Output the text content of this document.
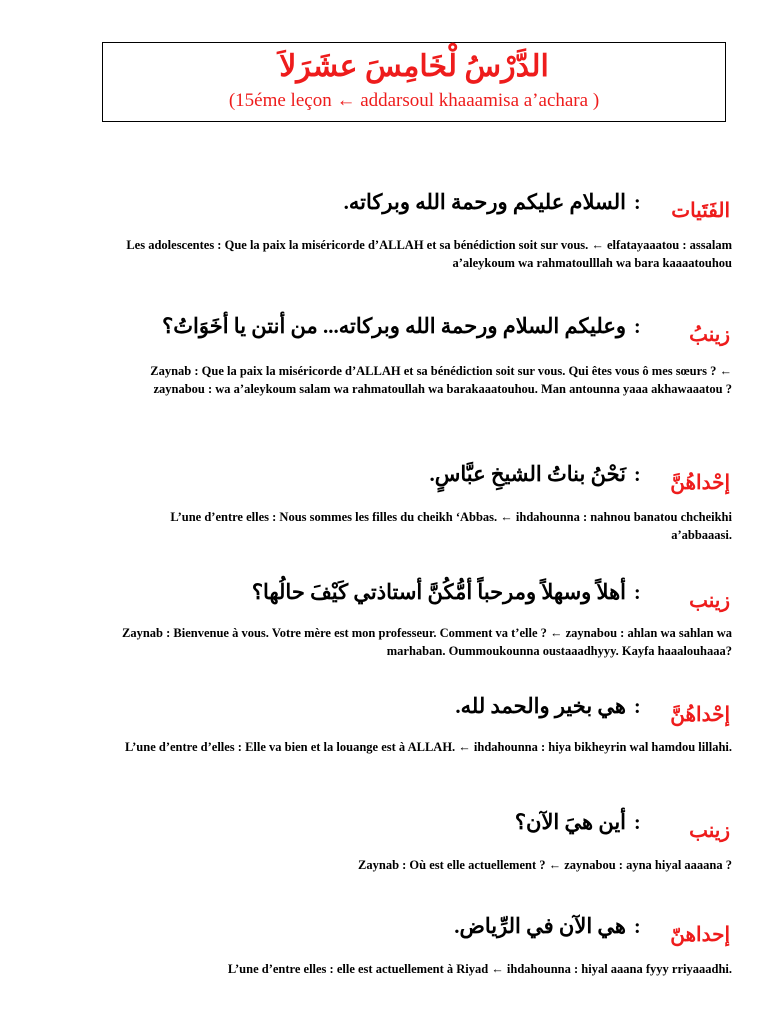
الدَّرْسُ لْخَامِسَ عشَرَلاَ
(15éme leçon ← addarsoul khaaamisa a’achara )
الفَتَيات
:
السلام عليكم ورحمة الله وبركاته.
Les adolescentes : Que la paix la miséricorde d’ALLAH et sa bénédiction soit sur vous. ← elfatayaaatou : assalam a’aleykoum wa rahmatoulllah wa bara kaaaatouhou
زينبُ
:
وعليكم السلام ورحمة الله وبركاته... من أنتن يا أخَوَاتُ؟
Zaynab : Que la paix la miséricorde d’ALLAH et sa bénédiction soit sur vous. Qui êtes vous ô mes sœurs ? ← zaynabou : wa a’aleykoum salam wa rahmatoullah wa barakaaatouhou. Man antounna yaaa akhawaaatou ?
إحْداهُنَّ
:
نَحْنُ بناتُ الشيخِ عبَّاسٍ.
L’une d’entre elles : Nous sommes les filles du cheikh ‘Abbas. ← ihdahounna : nahnou banatou chcheikhi a’abbaaasi.
زينب
:
أهلاً وسهلاً ومرحباً أمُّكُنَّ أستاذتي كَيْفَ حالُها؟
Zaynab : Bienvenue à vous. Votre mère est mon professeur. Comment va t’elle ? ← zaynabou : ahlan wa sahlan wa marhaban. Oummoukounna oustaaadhyyy. Kayfa haaalouhaaa?
إحْداهُنَّ
:
هي بخير والحمد لله.
L’une d’entre d’elles : Elle va bien et la louange est à ALLAH. ← ihdahounna : hiya bikheyrin wal hamdou lillahi.
زينب
:
أين هيَ الآن؟
Zaynab : Où est elle actuellement ? ← zaynabou : ayna hiyal aaaana ?
إحداهنّ
:
هي الآن في الرِّياض.
L’une d’entre elles : elle est actuellement à Riyad ← ihdahounna : hiyal aaana fyyy rriyaaadhi.
